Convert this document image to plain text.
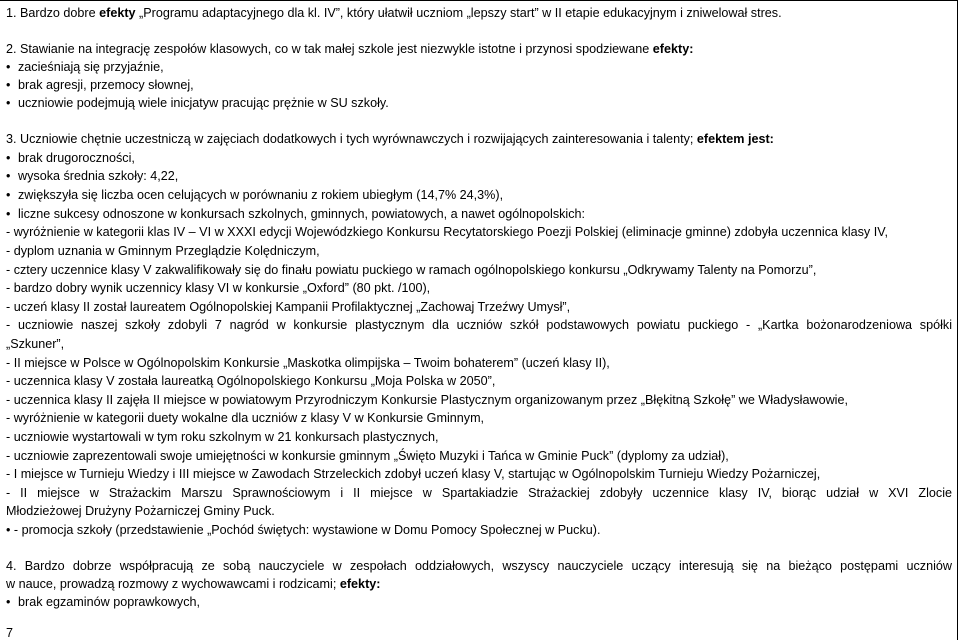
1. Bardzo dobre efekty „Programu adaptacyjnego dla kl. IV”, który ułatwił uczniom „lepszy start” w II etapie edukacyjnym i zniwelował stres.
2. Stawianie na integrację zespołów klasowych, co w tak małej szkole jest niezwykle istotne i przynosi spodziewane efekty:
• zacieśniają się przyjaźnie,
• brak agresji, przemocy słownej,
• uczniowie podejmują wiele inicjatyw pracując prężnie w SU szkoły.
3. Uczniowie chętnie uczestniczą w zajęciach dodatkowych i tych wyrównawczych i rozwijających zainteresowania i talenty; efektem jest:
• brak drugoroczności,
• wysoka średnia szkoły: 4,22,
• zwiększyła się liczba ocen celujących w porównaniu z rokiem ubiegłym (14,7% 24,3%),
• liczne sukcesy odnoszone w konkursach szkolnych, gminnych, powiatowych, a nawet ogólnopolskich:
- wyróżnienie w kategorii klas IV – VI w XXXI edycji Wojewódzkiego Konkursu Recytatorskiego Poezji Polskiej (eliminacje gminne) zdobyła uczennica klasy IV,
- dyplom uznania w Gminnym Przeglądzie Kolędniczym,
- cztery uczennice klasy V zakwalifikowały się do finału powiatu puckiego w ramach ogólnopolskiego konkursu „Odkrywamy Talenty na Pomorzu”,
- bardzo dobry wynik uczennicy klasy VI w konkursie „Oxford” (80 pkt. /100),
- uczeń klasy II został laureatem Ogólnopolskiej Kampanii Profilaktycznej „Zachowaj Trzeźwy Umysł”,
- uczniowie naszej szkoły zdobyli 7 nagród w konkursie plastycznym dla uczniów szkół podstawowych powiatu puckiego - „Kartka bożonarodzeniowa spółki
„Szkuner”,
- II miejsce w Polsce w Ogólnopolskim Konkursie „Maskotka olimpijska – Twoim bohaterem” (uczeń klasy II),
- uczennica klasy V została laureatką Ogólnopolskiego Konkursu „Moja Polska w 2050”,
- uczennica klasy II zajęła II miejsce w powiatowym Przyrodniczym Konkursie Plastycznym organizowanym przez „Błękitną Szkołę” we Władysławowie,
- wyróżnienie w kategorii duety wokalne dla uczniów z klasy V w Konkursie Gminnym,
- uczniowie wystartowali w tym roku szkolnym w 21 konkursach plastycznych,
- uczniowie zaprezentowali swoje umiejętności w konkursie gminnym „Święto Muzyki i Tańca w Gminie Puck” (dyplomy za udział),
- I miejsce w Turnieju Wiedzy i III miejsce w Zawodach Strzeleckich zdobył uczeń klasy V, startując w Ogólnopolskim Turnieju Wiedzy Pożarniczej,
- II miejsce w Strażackim Marszu Sprawnościowym i II miejsce w Spartakiadzie Strażackiej zdobyły uczennice klasy IV, biorąc udział w XVI Zlocie
Młodzieżowej Drużyny Pożarniczej Gminy Puck.
• - promocja szkoły (przedstawienie „Pochód świętych: wystawione w Domu Pomocy Społecznej w Pucku).
4. Bardzo dobrze współpracują ze sobą nauczyciele w zespołach oddziałowych, wszyscy nauczyciele uczący interesują się na bieżąco postępami uczniów
w nauce, prowadzą rozmowy z wychowawcami i rodzicami; efekty:
• brak egzaminów poprawkowych,
7
